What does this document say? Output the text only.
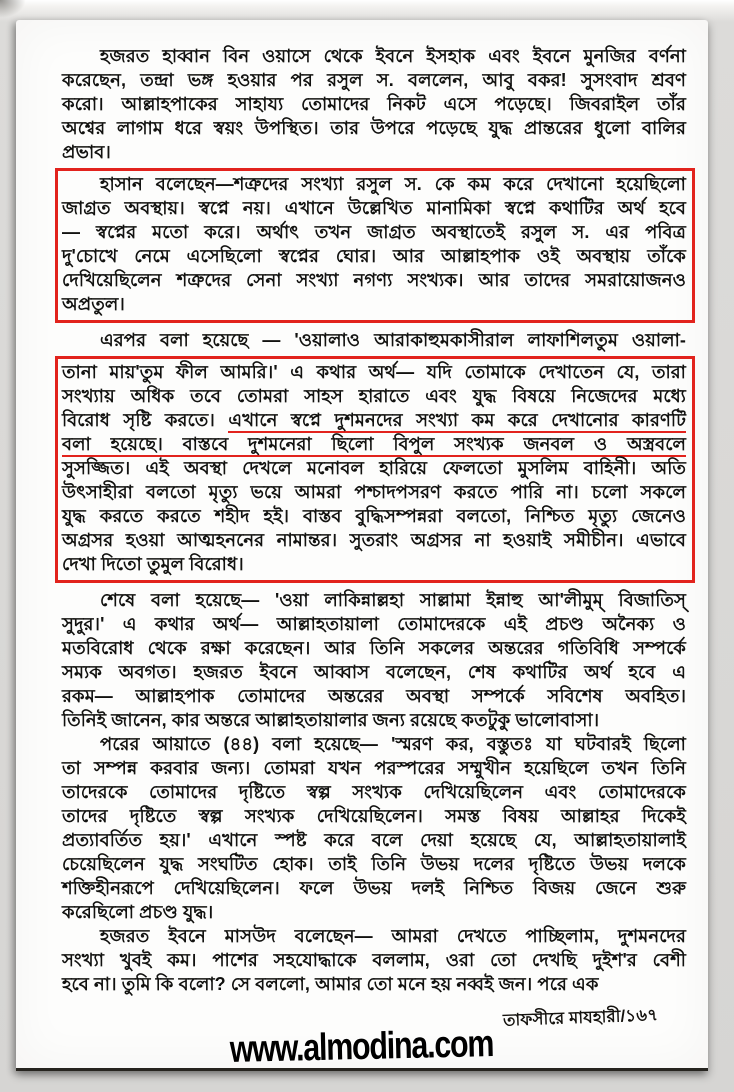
হজরত হাব্বান বিন ওয়াসে থেকে ইবনে ইসহাক এবং ইবনে মুনজির বর্ণনা
করেছেন, তন্দ্রা ভঙ্গ হওয়ার পর রসুল স. বললেন, আবু বকর! সুসংবাদ শ্রবণ
করো। আল্লাহপাকের সাহায্য তোমাদের নিকট এসে পড়েছে। জিবরাইল তাঁর
অশ্বের লাগাম ধরে স্বয়ং উপস্থিত। তার উপরে পড়েছে যুদ্ধ প্রান্তরের ধুলো বালির
প্রভাব।
হাসান বলেছেন—শত্রুদের সংখ্যা রসুল স. কে কম করে দেখানো হয়েছিলো
জাগ্রত অবস্থায়। স্বপ্নে নয়। এখানে উল্লেখিত মানামিকা স্বপ্নে কথাটির অর্থ হবে
— স্বপ্নের মতো করে। অর্থাৎ তখন জাগ্রত অবস্থাতেই রসুল স. এর পবিত্র
দু'চোখে নেমে এসেছিলো স্বপ্নের ঘোর। আর আল্লাহপাক ওই অবস্থায় তাঁকে
দেখিয়েছিলেন শত্রুদের সেনা সংখ্যা নগণ্য সংখ্যক। আর তাদের সমরায়োজনও
অপ্রতুল।
এরপর বলা হয়েছে — 'ওয়ালাও আরাকাহুমকাসীরাল লাফাশিলতুম ওয়ালা-
তানা মায়'তুম ফীল আমরি।' এ কথার অর্থ— যদি তোমাকে দেখাতেন যে, তারা
সংখ্যায় অধিক তবে তোমরা সাহস হারাতে এবং যুদ্ধ বিষয়ে নিজেদের মধ্যে
বিরোধ সৃষ্টি করতে। এখানে স্বপ্নে দুশমনদের সংখ্যা কম করে দেখানোর কারণটি
বলা হয়েছে। বাস্তবে দুশমনেরা ছিলো বিপুল সংখ্যক জনবল ও অস্ত্রবলে
সুসজ্জিত। এই অবস্থা দেখলে মনোবল হারিয়ে ফেলতো মুসলিম বাহিনী। অতি
উৎসাহীরা বলতো মৃত্যু ভয়ে আমরা পশ্চাদপসরণ করতে পারি না। চলো সকলে
যুদ্ধ করতে করতে শহীদ হই। বাস্তব বুদ্ধিসম্পন্নরা বলতো, নিশ্চিত মৃত্যু জেনেও
অগ্রসর হওয়া আত্মহননের নামান্তর। সুতরাং অগ্রসর না হওয়াই সমীচীন। এভাবে
দেখা দিতো তুমুল বিরোধ।
শেষে বলা হয়েছে— 'ওয়া লাকিন্নাল্লহা সাল্লামা ইন্নাহু আ'লীমুম্ বিজাতিস্
সুদুর।' এ কথার অর্থ— আল্লাহতায়ালা তোমাদেরকে এই প্রচণ্ড অনৈক্য ও
মতবিরোধ থেকে রক্ষা করেছেন। আর তিনি সকলের অন্তরের গতিবিধি সম্পর্কে
সম্যক অবগত। হজরত ইবনে আব্বাস বলেছেন, শেষ কথাটির অর্থ হবে এ
রকম— আল্লাহপাক তোমাদের অন্তরের অবস্থা সম্পর্কে সবিশেষ অবহিত।
তিনিই জানেন, কার অন্তরে আল্লাহতায়ালার জন্য রয়েছে কতটুকু ভালোবাসা।
পরের আয়াতে (৪৪) বলা হয়েছে— 'স্মরণ কর, বস্তুতঃ যা ঘটবারই ছিলো
তা সম্পন্ন করবার জন্য। তোমরা যখন পরস্পরের সম্মুখীন হয়েছিলে তখন তিনি
তাদেরকে তোমাদের দৃষ্টিতে স্বল্প সংখ্যক দেখিয়েছিলেন এবং তোমাদেরকে
তাদের দৃষ্টিতে স্বল্প সংখ্যক দেখিয়েছিলেন। সমস্ত বিষয় আল্লাহর দিকেই
প্রত্যাবর্তিত হয়।' এখানে স্পষ্ট করে বলে দেয়া হয়েছে যে, আল্লাহতায়ালাই
চেয়েছিলেন যুদ্ধ সংঘটিত হোক। তাই তিনি উভয় দলের দৃষ্টিতে উভয় দলকে
শক্তিহীনরূপে দেখিয়েছিলেন। ফলে উভয় দলই নিশ্চিত বিজয় জেনে শুরু
করেছিলো প্রচণ্ড যুদ্ধ।
হজরত ইবনে মাসউদ বলেছেন— আমরা দেখতে পাচ্ছিলাম, দুশমনদের
সংখ্যা খুবই কম। পাশের সহযোদ্ধাকে বললাম, ওরা তো দেখছি দুইশ'র বেশী
হবে না। তুমি কি বলো? সে বললো, আমার তো মনে হয় নব্বই জন। পরে এক
তাফসীরে মাযহারী/১৬৭
www.almodina.com
